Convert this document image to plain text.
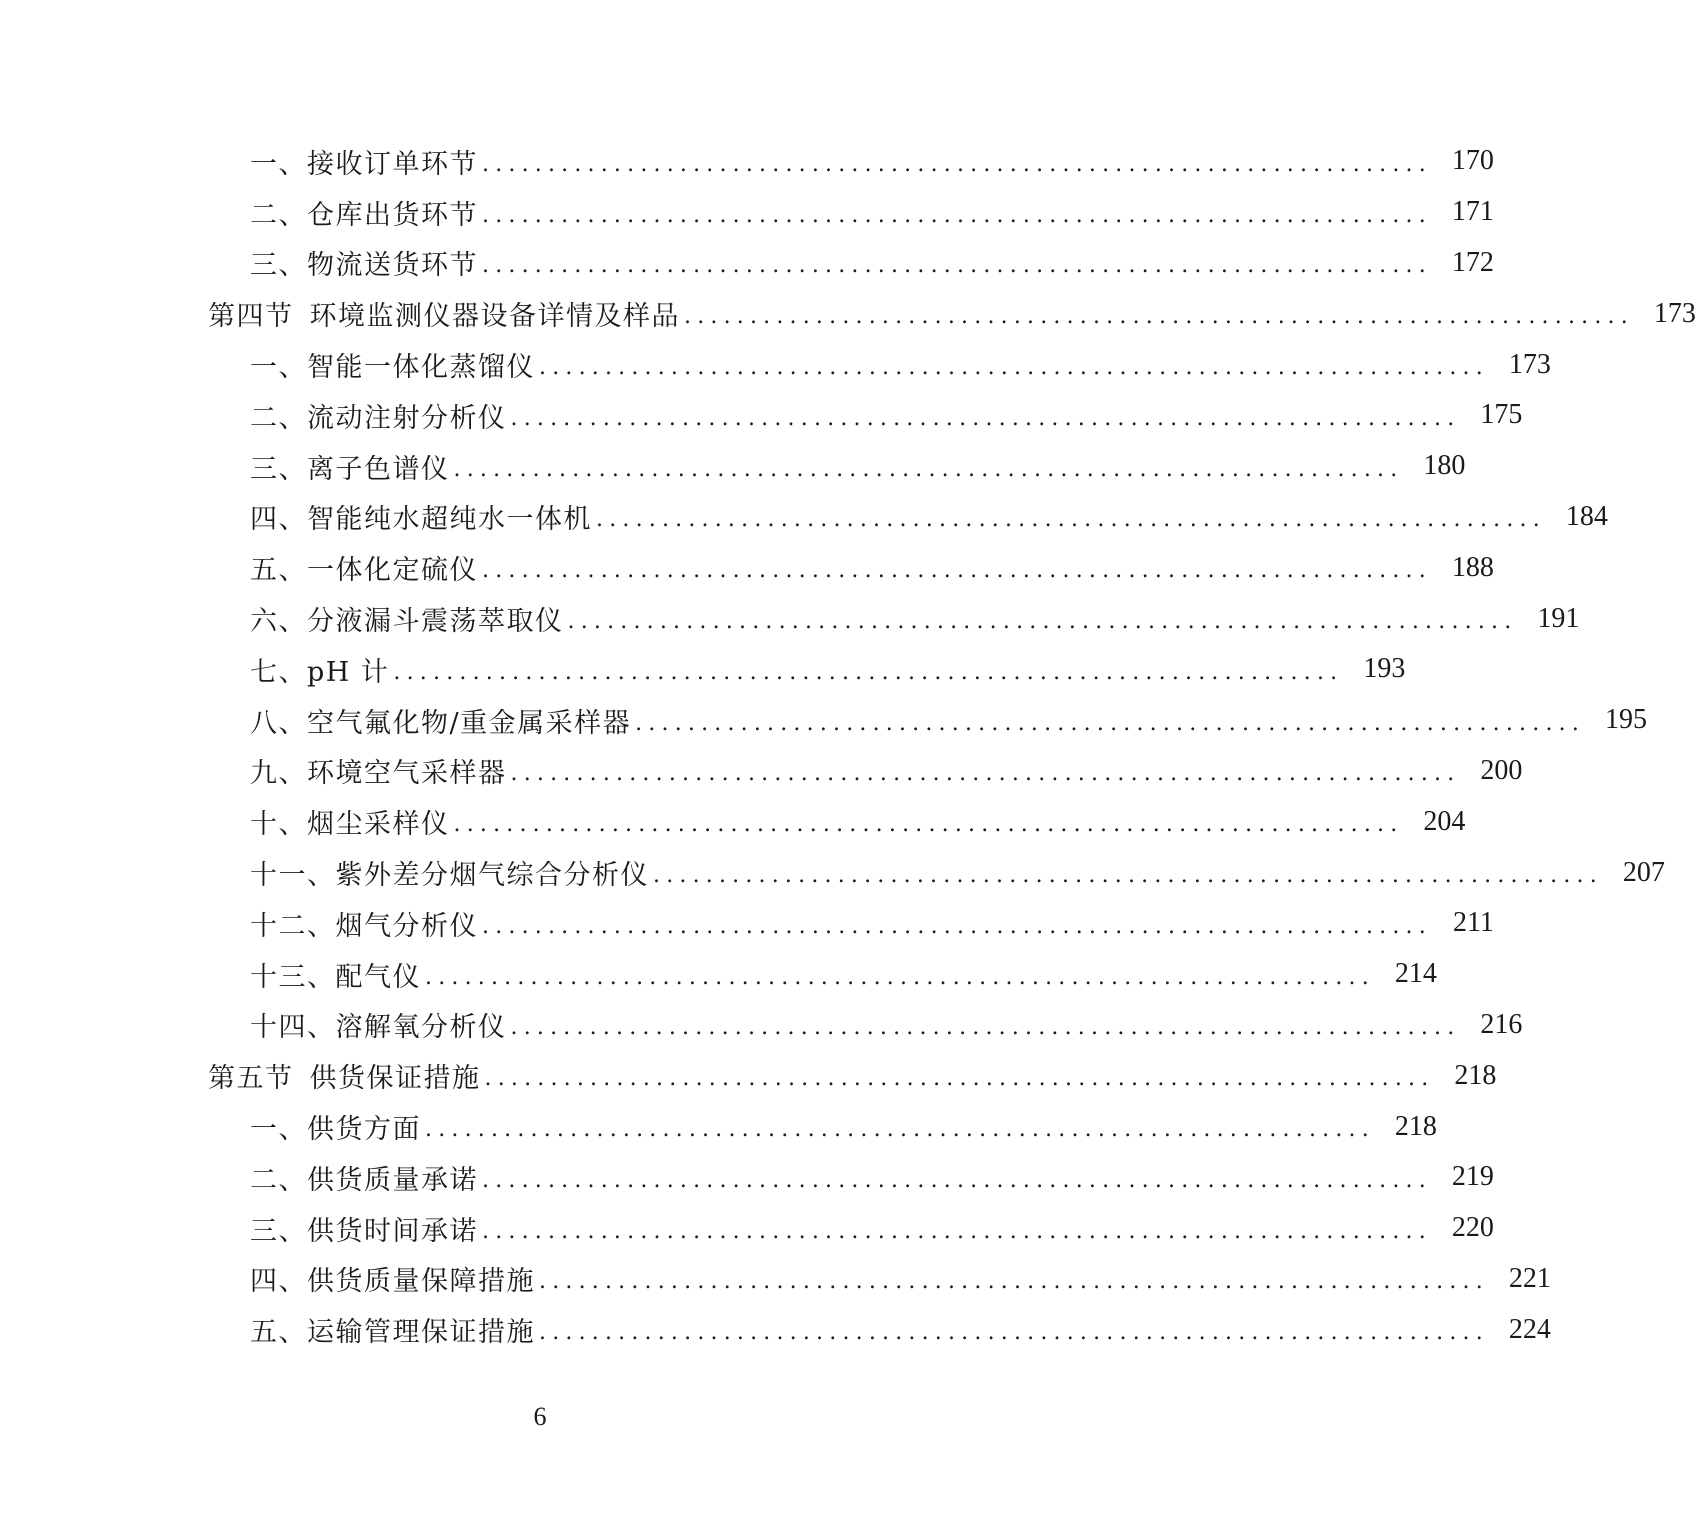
一、接收订单环节 ........................................................................ 170
二、仓库出货环节 ........................................................................ 171
三、物流送货环节 ........................................................................ 172
第四节 环境监测仪器设备详情及样品 ........................................................................ 173
一、智能一体化蒸馏仪 ........................................................................ 173
二、流动注射分析仪 ........................................................................ 175
三、离子色谱仪 ........................................................................ 180
四、智能纯水超纯水一体机 ........................................................................ 184
五、一体化定硫仪 ........................................................................ 188
六、分液漏斗震荡萃取仪 ........................................................................ 191
七、pH 计 ........................................................................ 193
八、空气氟化物/重金属采样器 ........................................................................ 195
九、环境空气采样器 ........................................................................ 200
十、烟尘采样仪 ........................................................................ 204
十一、紫外差分烟气综合分析仪 ........................................................................ 207
十二、烟气分析仪 ........................................................................ 211
十三、配气仪 ........................................................................ 214
十四、溶解氧分析仪 ........................................................................ 216
第五节 供货保证措施 ........................................................................ 218
一、供货方面 ........................................................................ 218
二、供货质量承诺 ........................................................................ 219
三、供货时间承诺 ........................................................................ 220
四、供货质量保障措施 ........................................................................ 221
五、运输管理保证措施 ........................................................................ 224
6
